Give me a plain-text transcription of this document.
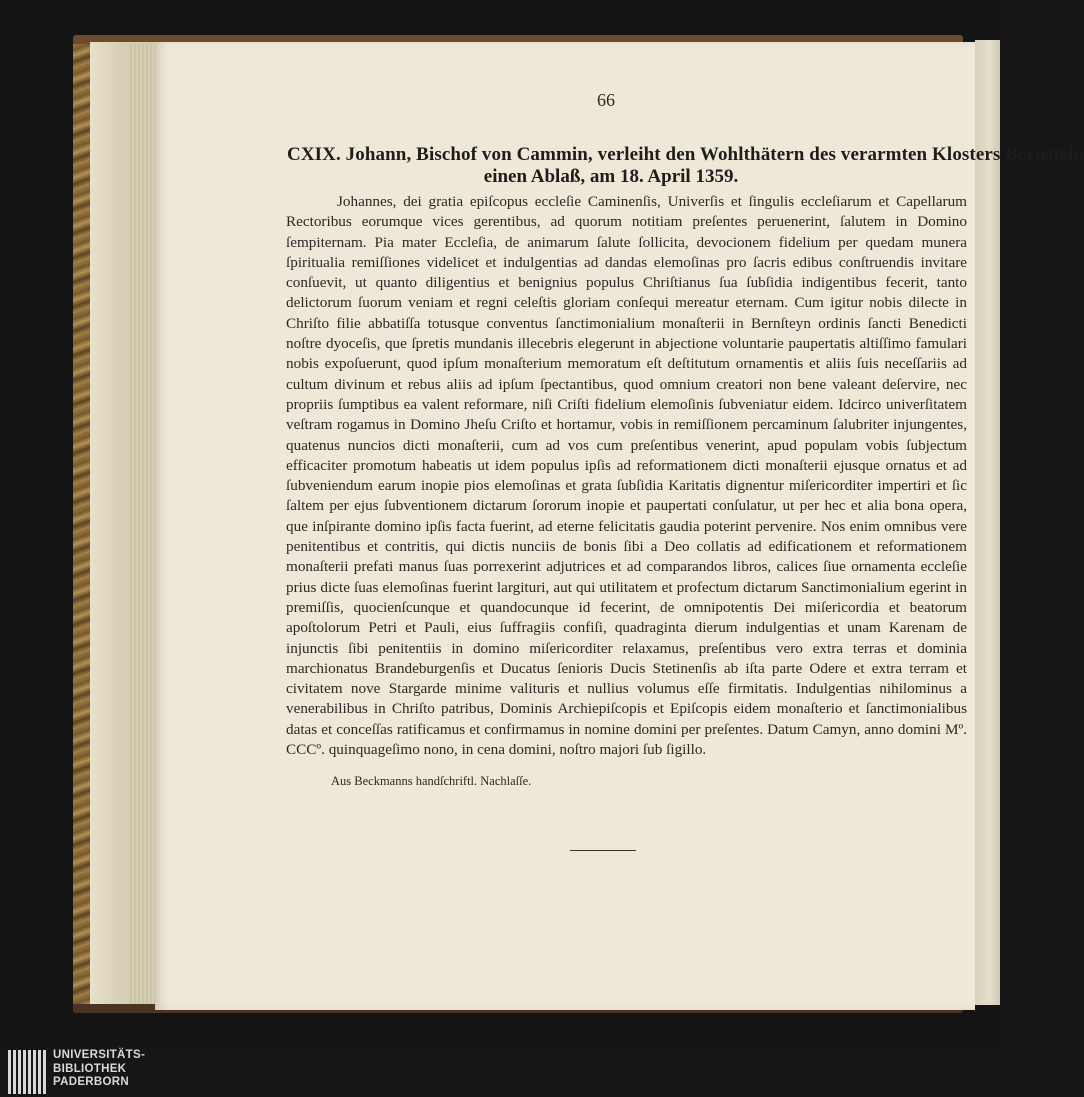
66
CXIX. Johann, Bischof von Cammin, verleiht den Wohlthätern des verarmten Klosters Bernstein
einen Ablaß, am 18. April 1359.

Johannes, dei gratia epiſcopus eccleſie Caminenſis, Univerſis et ſingulis eccleſiarum et Capellarum Rectoribus eorumque vices gerentibus, ad quorum notitiam preſentes peruenerint, ſalutem in Domino ſempiternam. Pia mater Eccleſia, de animarum ſalute ſollicita, devocionem fidelium per quedam munera ſpiritualia remiſſiones videlicet et indulgentias ad dandas elemoſinas pro ſacris edibus conſtruendis invitare conſuevit, ut quanto diligentius et benignius populus Chriſtianus ſua ſubſidia indigentibus fecerit, tanto delictorum ſuorum veniam et regni celeſtis gloriam conſequi mereatur eternam. Cum igitur nobis dilecte in Chriſto filie abbatiſſa totusque conventus ſanctimonialium monaſterii in Bernſteyn ordinis ſancti Benedicti noſtre dyoceſis, que ſpretis mundanis illecebris elegerunt in abjectione voluntarie paupertatis altiſſimo famulari nobis expoſuerunt, quod ipſum monaſterium memoratum eſt deſtitutum ornamentis et aliis ſuis neceſſariis ad cultum divinum et rebus aliis ad ipſum ſpectantibus, quod omnium creatori non bene valeant deſervire, nec propriis ſumptibus ea valent reformare, niſi Criſti fidelium elemoſinis ſubveniatur eidem. Idcirco univerſitatem veſtram rogamus in Domino Jheſu Criſto et hortamur, vobis in remiſſionem percaminum ſalubriter injungentes, quatenus nuncios dicti monaſterii, cum ad vos cum preſentibus venerint, apud populam vobis ſubjectum efficaciter promotum habeatis ut idem populus ipſis ad reformationem dicti monaſterii ejusque ornatus et ad ſubveniendum earum inopie pios elemoſinas et grata ſubſidia Karitatis dignentur miſericorditer impertiri et ſic ſaltem per ejus ſubventionem dictarum ſororum inopie et paupertati conſulatur, ut per hec et alia bona opera, que inſpirante domino ipſis facta fuerint, ad eterne felicitatis gaudia poterint pervenire. Nos enim omnibus vere penitentibus et contritis, qui dictis nunciis de bonis ſibi a Deo collatis ad edificationem et reformationem monaſterii prefati manus ſuas porrexerint adjutrices et ad comparandos libros, calices ſiue ornamenta eccleſie prius dicte ſuas elemoſinas fuerint largituri, aut qui utilitatem et profectum dictarum Sanctimonialium egerint in premiſſis, quocienſcunque et quandocunque id fecerint, de omnipotentis Dei miſericordia et beatorum apoſtolorum Petri et Pauli, eius ſuffragiis confiſi, quadraginta dierum indulgentias et unam Karenam de injunctis ſibi penitentiis in domino miſericorditer relaxamus, preſentibus vero extra terras et dominia marchionatus Brandeburgenſis et Ducatus ſenioris Ducis Stetinenſis ab iſta parte Odere et extra terram et civitatem nove Stargarde minime valituris et nullius volumus eſſe firmitatis. Indulgentias nihilominus a venerabilibus in Chriſto patribus, Dominis Archiepiſcopis et Epiſcopis eidem monaſterio et ſanctimonialibus datas et conceſſas ratificamus et confirmamus in nomine domini per preſentes. Datum Camyn, anno domini Mº. CCCº. quinquageſimo nono, in cena domini, noſtro majori ſub ſigillo.

Aus Beckmanns handſchriftl. Nachlaſſe.
UNIVERSITÄTS-
BIBLIOTHEK
PADERBORN
